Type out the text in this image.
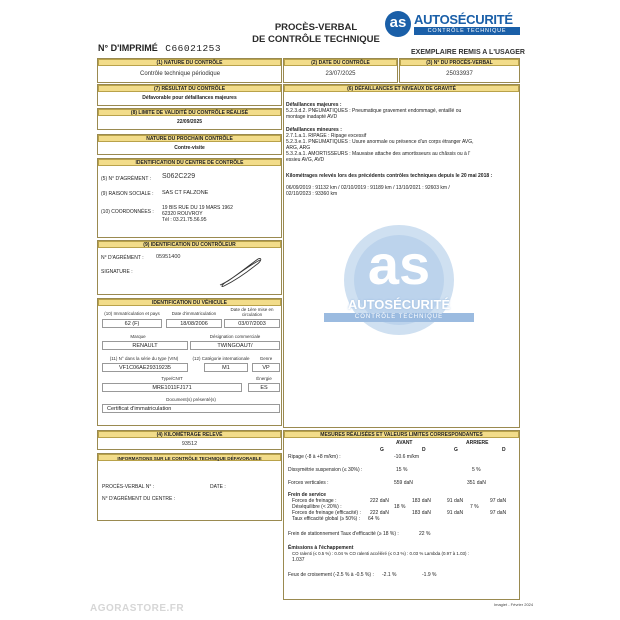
PROCÈS-VERBAL
DE CONTRÔLE TECHNIQUE
N° D'IMPRIMÉ C66021253
as AUTOSÉCURITÉ
CONTRÔLE TECHNIQUE
EXEMPLAIRE REMIS A L'USAGER
(1) NATURE DU CONTRÔLE
Contrôle technique périodique
(2) DATE DU CONTRÔLE
23/07/2025
(3) N° DU PROCÈS-VERBAL
25033937
(7) RÉSULTAT DU CONTRÔLE
Défavorable pour défaillances majeures
(8) LIMITE DE VALIDITÉ DU CONTRÔLE RÉALISÉ
22/09/2025
NATURE DU PROCHAIN CONTRÔLE
Contre-visite
IDENTIFICATION DU CENTRE DE CONTRÔLE
(5) N° D'AGRÉMENT : S062C229
(9) RAISON SOCIALE : SAS CT FALZONE
(10) COORDONNÉES :
19 BIS RUE DU 19 MARS 1962
62320 ROUVROY
Tél : 03.21.75.56.95
(9) IDENTIFICATION DU CONTRÔLEUR
N° D'AGRÉMENT : 05951400
SIGNATURE :
IDENTIFICATION DU VÉHICULE
(10) Immatriculation et pays
62 (F)
Date d'immatriculation
18/08/2006
Date de 1ère mise en circulation
03/07/2003
Marque
RENAULT
Désignation commerciale
TWINGOAUT/
(11) N° dans la série du type (VIN)
VF1C06AE29319235
(12) Catégorie internationale
M1
Genre
VP
Type/CNIT
MRE1011FJ171
Énergie
ES
Document(s) présenté(s)
Certificat d'immatriculation
(4) KILOMÉTRAGE RELEVÉ
93512
INFORMATIONS SUR LE CONTRÔLE TECHNIQUE DÉFAVORABLE
PROCÈS-VERBAL N° :	DATE :
N° D'AGRÉMENT DU CENTRE :
(6) DÉFAILLANCES ET NIVEAUX DE GRAVITÉ
as
AUTOSÉCURITÉ
CONTRÔLE TECHNIQUE
Défaillances majeures :
5.2.3.d.2. PNEUMATIQUES : Pneumatique gravement endommagé, entaillé ou
montage inadapté AVD
Défaillances mineures :
2.7.1.a.1. RIPAGE : Ripage excessif
5.2.3.e.1. PNEUMATIQUES : Usure anormale ou présence d'un corps étranger AVG,
ARG, ARG
5.3.2.a.1. AMORTISSEURS : Mauvaise attache des amortisseurs au châssis ou à l'
essieu AVG, AVD
Kilométrages relevés lors des précédents contrôles techniques depuis le 20 mai 2018 :
06/09/2019 : 91132 km / 02/10/2019 : 91189 km / 13/10/2021 : 92603 km /
02/10/2023 : 93360 km
MESURES RÉALISÉES ET VALEURS LIMITES CORRESPONDANTES
AVANT	ARRIERE
G	D	G	D
Ripage (-8 à +8 m/km) :	-10.6 m/km
Dissymétrie suspension (≤ 30%) :	15 %	5 %
Forces verticales :	559 daN	351 daN
Frein de service
Forces de freinage :	222 daN	183 daN	91 daN	97 daN
Déséquilibre (< 20%) :	18 %	7 %
Forces de freinage (efficacité) : 222 daN	183 daN	91 daN	97 daN
Taux efficacité global (≥ 50%) : 64 %
Frein de stationnement Taux d'efficacité (≥ 18 %) :	22 %
Émissions à l'échappement
CO ralenti (≤ 0.5 %) : 0.04 % CO ralenti accéléré (≤ 0.3 %) : 0.03 % Lambda (0.97 à 1.03) :
1.037
Feux de croisement (-2.5 % à -0.5 %) : -2.1 %	-1.9 %
AGORASTORE.FR	Imagiet - Février 2024
